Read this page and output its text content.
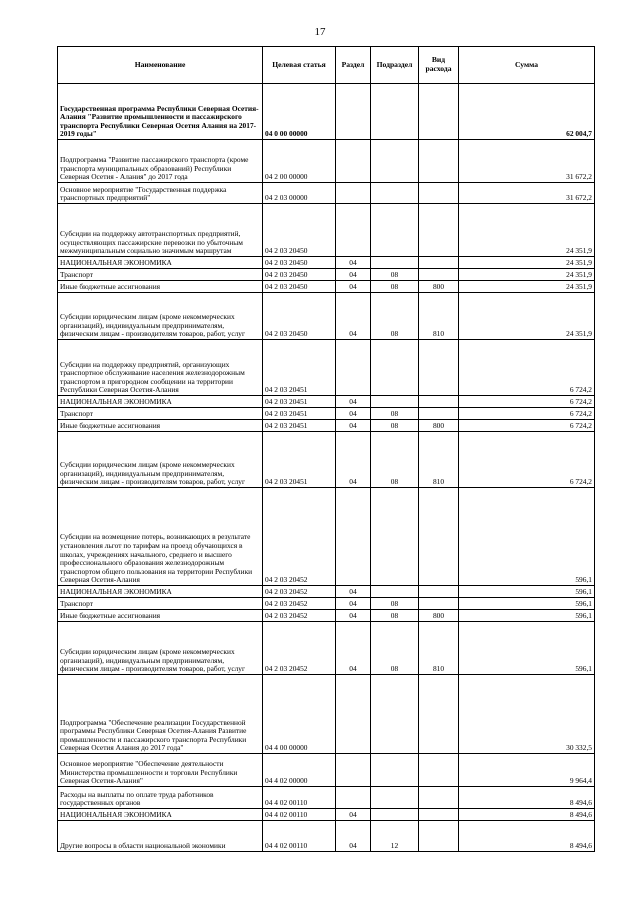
17
Наименование	Целевая статья	Раздел	Подраздел	Вид расхода	Сумма
Государственная программа Республики Северная Осетия-Алания "Развитие промышленности и пассажирского транспорта Республики Северная Осетия Алания на 2017-2019 годы"	04 0 00 00000				62 004,7
Подпрограмма "Развитие пассажирского транспорта (кроме транспорта муниципальных образований) Республики Северная Осетия - Алания" до 2017 года	04 2 00 00000				31 672,2
Основное мероприятие "Государственная поддержка транспортных предприятий"	04 2 03 00000				31 672,2
Субсидии на поддержку автотранспортных предприятий, осуществляющих пассажирские перевозки по убыточным межмуниципальным социально значимым маршрутам	04 2 03 20450				24 351,9
НАЦИОНАЛЬНАЯ ЭКОНОМИКА	04 2 03 20450	04			24 351,9
Транспорт	04 2 03 20450	04	08		24 351,9
Иные бюджетные ассигнования	04 2 03 20450	04	08	800	24 351,9
Субсидии юридическим лицам (кроме некоммерческих организаций), индивидуальным предпринимателям, физическим лицам - производителям товаров, работ, услуг	04 2 03 20450	04	08	810	24 351,9
Субсидии на поддержку предприятий, организующих транспортное обслуживание населения железнодорожным транспортом в пригородном сообщении на территории Республики Северная Осетия-Алания	04 2 03 20451				6 724,2
НАЦИОНАЛЬНАЯ ЭКОНОМИКА	04 2 03 20451	04			6 724,2
Транспорт	04 2 03 20451	04	08		6 724,2
Иные бюджетные ассигнования	04 2 03 20451	04	08	800	6 724,2
Субсидии юридическим лицам (кроме некоммерческих организаций), индивидуальным предпринимателям, физическим лицам - производителям товаров, работ, услуг	04 2 03 20451	04	08	810	6 724,2
Субсидии на возмещение потерь, возникающих в результате установления льгот по тарифам на проезд обучающихся в школах, учреждениях начального, среднего и высшего профессионального образования железнодорожным транспортом общего пользования на территории Республики Северная Осетия-Алания	04 2 03 20452				596,1
НАЦИОНАЛЬНАЯ ЭКОНОМИКА	04 2 03 20452	04			596,1
Транспорт	04 2 03 20452	04	08		596,1
Иные бюджетные ассигнования	04 2 03 20452	04	08	800	596,1
Субсидии юридическим лицам (кроме некоммерческих организаций), индивидуальным предпринимателям, физическим лицам - производителям товаров, работ, услуг	04 2 03 20452	04	08	810	596,1
Подпрограмма "Обеспечение реализации Государственной программы Республики Северная Осетия-Алания Развитие промышленности и пассажирского транспорта Республики Северная Осетия Алания до 2017 года"	04 4 00 00000				30 332,5
Основное мероприятие "Обеспечение деятельности Министерства промышленности и торговли Республики Северная Осетия-Алания"	04 4 02 00000				9 964,4
Расходы на выплаты по оплате труда работников государственных органов	04 4 02 00110				8 494,6
НАЦИОНАЛЬНАЯ ЭКОНОМИКА	04 4 02 00110	04			8 494,6
Другие вопросы в области национальной экономики	04 4 02 00110	04	12		8 494,6
